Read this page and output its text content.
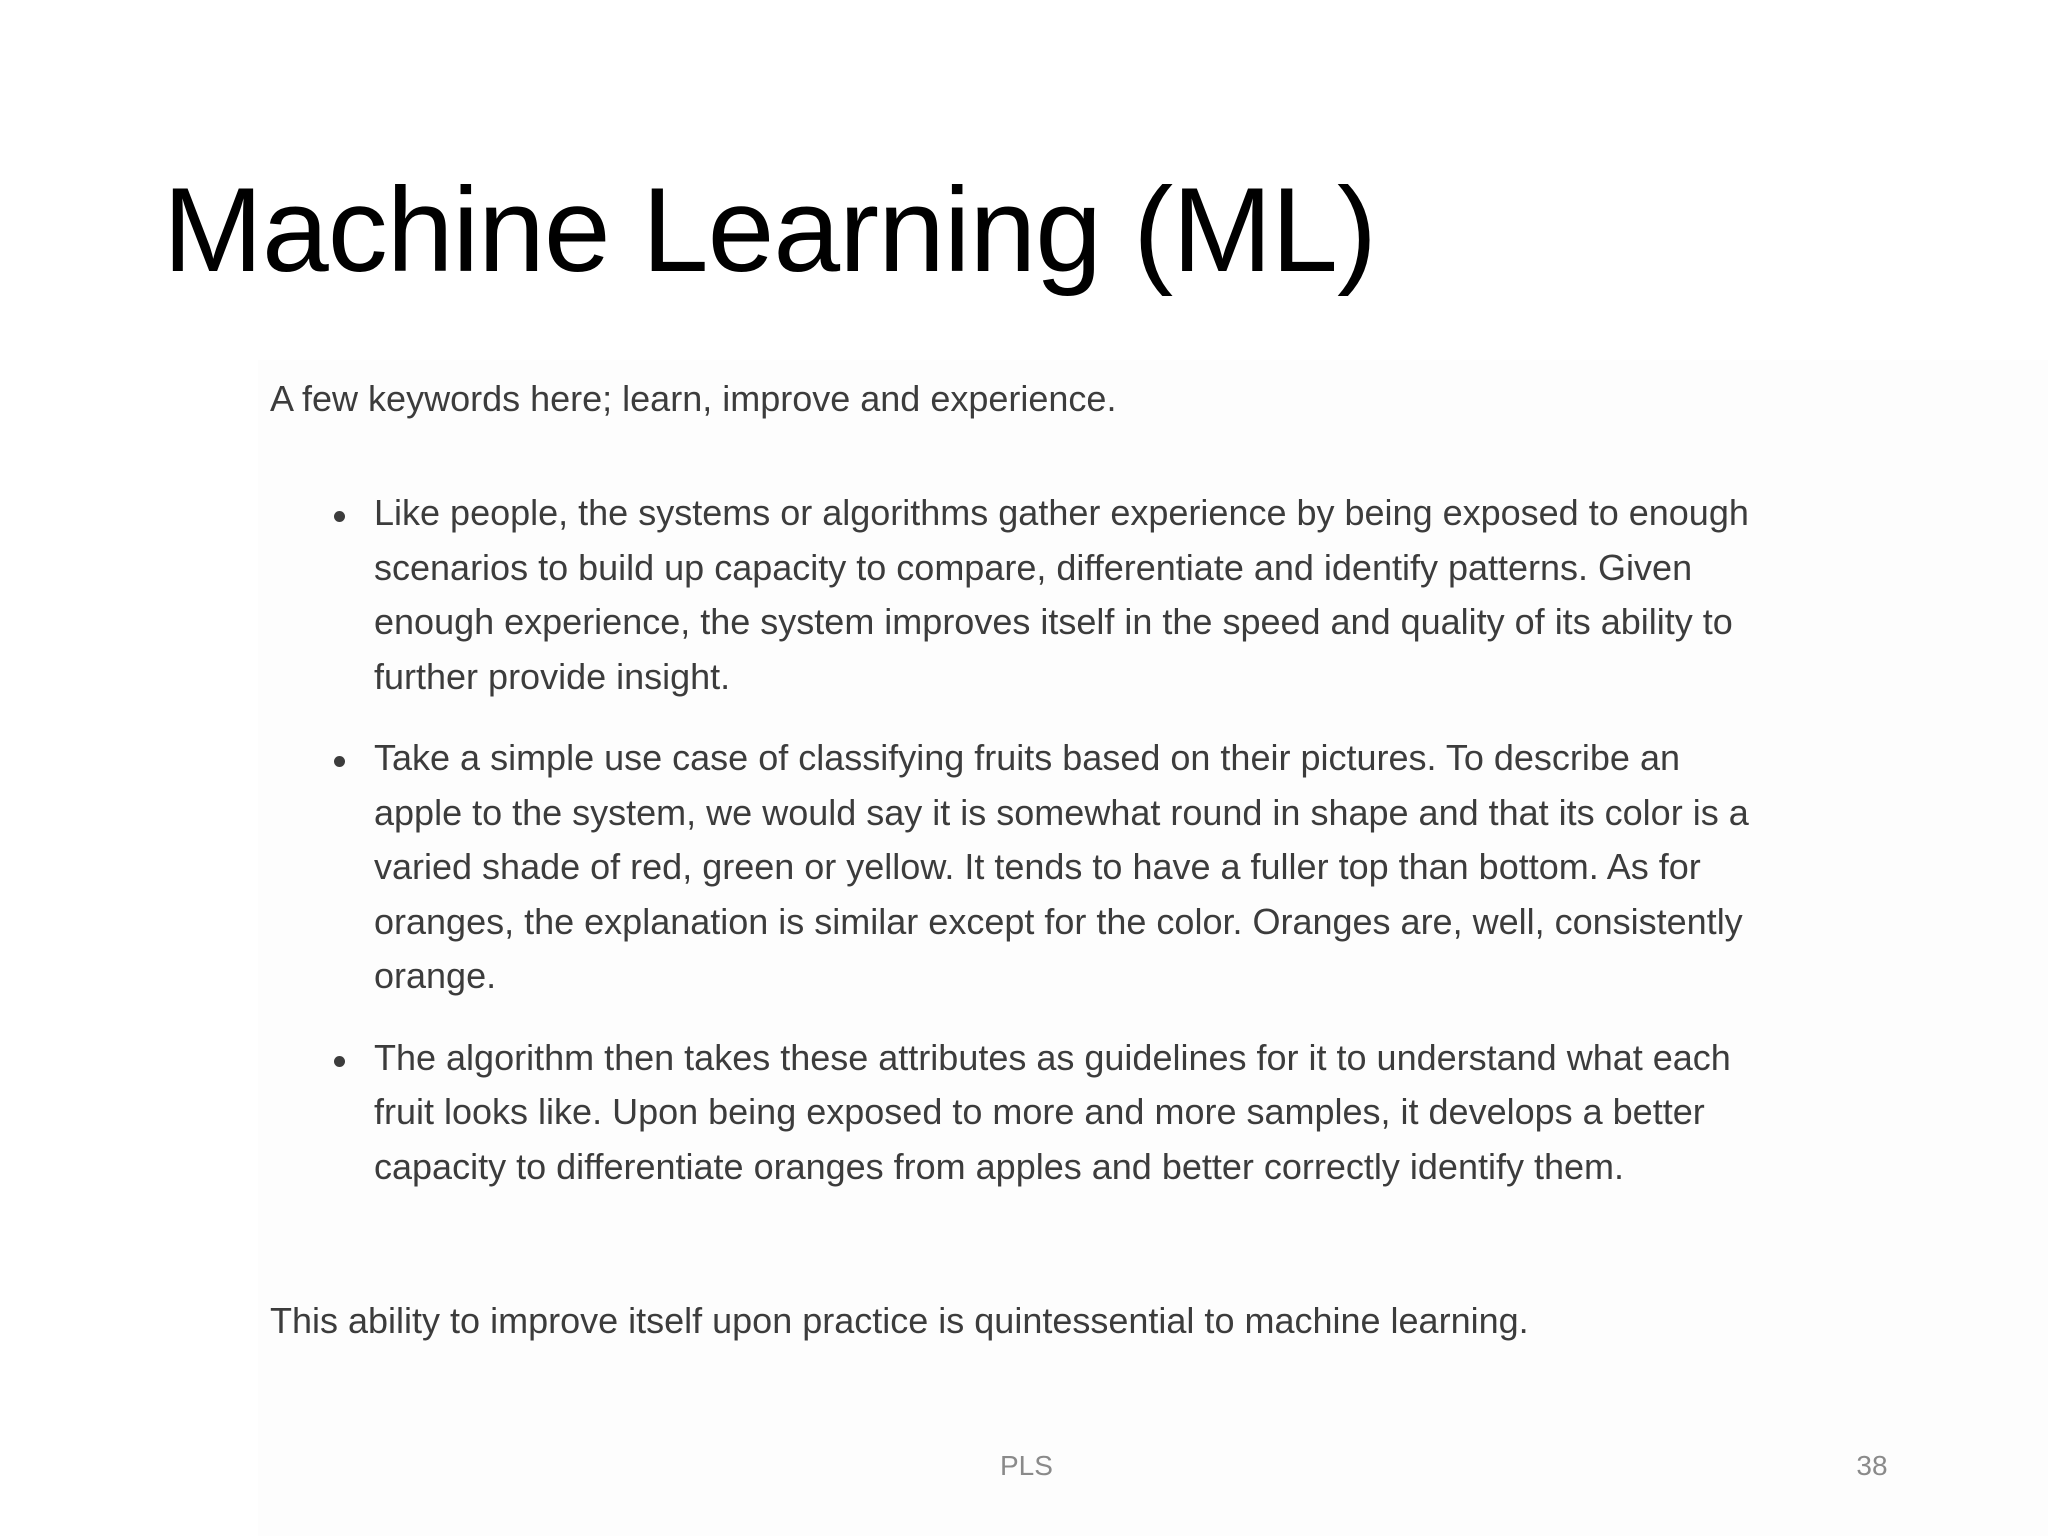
Machine Learning (ML)
A few keywords here; learn, improve and experience.
Like people, the systems or algorithms gather experience by being exposed to enough scenarios to build up capacity to compare, differentiate and identify patterns. Given enough experience, the system improves itself in the speed and quality of its ability to further provide insight.
Take a simple use case of classifying fruits based on their pictures. To describe an apple to the system, we would say it is somewhat round in shape and that its color is a varied shade of red, green or yellow. It tends to have a fuller top than bottom. As for oranges, the explanation is similar except for the color. Oranges are, well, consistently orange.
The algorithm then takes these attributes as guidelines for it to understand what each fruit looks like. Upon being exposed to more and more samples, it develops a better capacity to differentiate oranges from apples and better correctly identify them.
This ability to improve itself upon practice is quintessential to machine learning.
PLS	38
